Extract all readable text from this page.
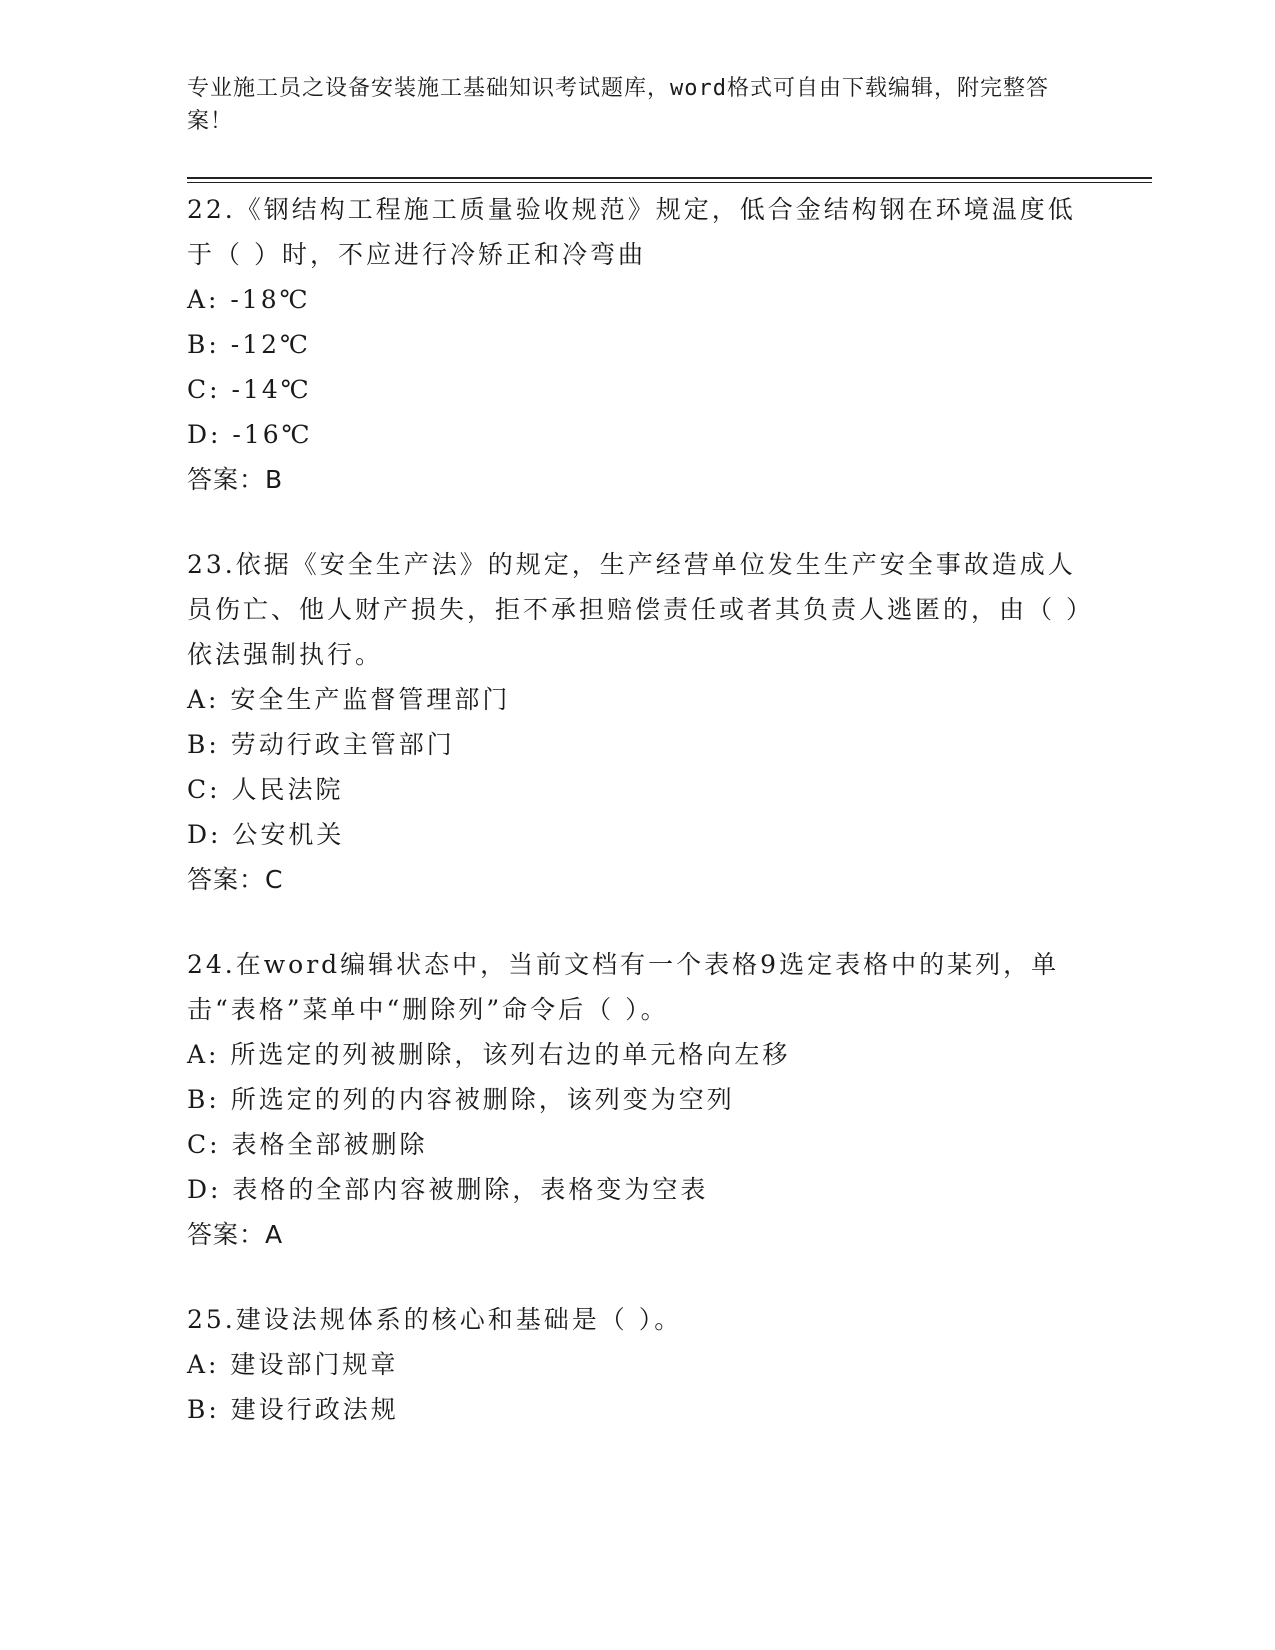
专业施工员之设备安装施工基础知识考试题库，word格式可自由下载编辑，附完整答案！
22.《钢结构工程施工质量验收规范》规定，低合金结构钢在环境温度低于（ ）时，不应进行冷矫正和冷弯曲
A: -18℃
B: -12℃
C: -14℃
D: -16℃
答案：B
23.依据《安全生产法》的规定，生产经营单位发生生产安全事故造成人员伤亡、他人财产损失，拒不承担赔偿责任或者其负责人逃匿的，由（ ）依法强制执行。
A: 安全生产监督管理部门
B: 劳动行政主管部门
C: 人民法院
D: 公安机关
答案：C
24.在word编辑状态中，当前文档有一个表格9选定表格中的某列，单击“表格”菜单中“删除列”命令后（ ）。
A: 所选定的列被删除，该列右边的单元格向左移
B: 所选定的列的内容被删除，该列变为空列
C: 表格全部被删除
D: 表格的全部内容被删除，表格变为空表
答案：A
25.建设法规体系的核心和基础是（ ）。
A: 建设部门规章
B: 建设行政法规
